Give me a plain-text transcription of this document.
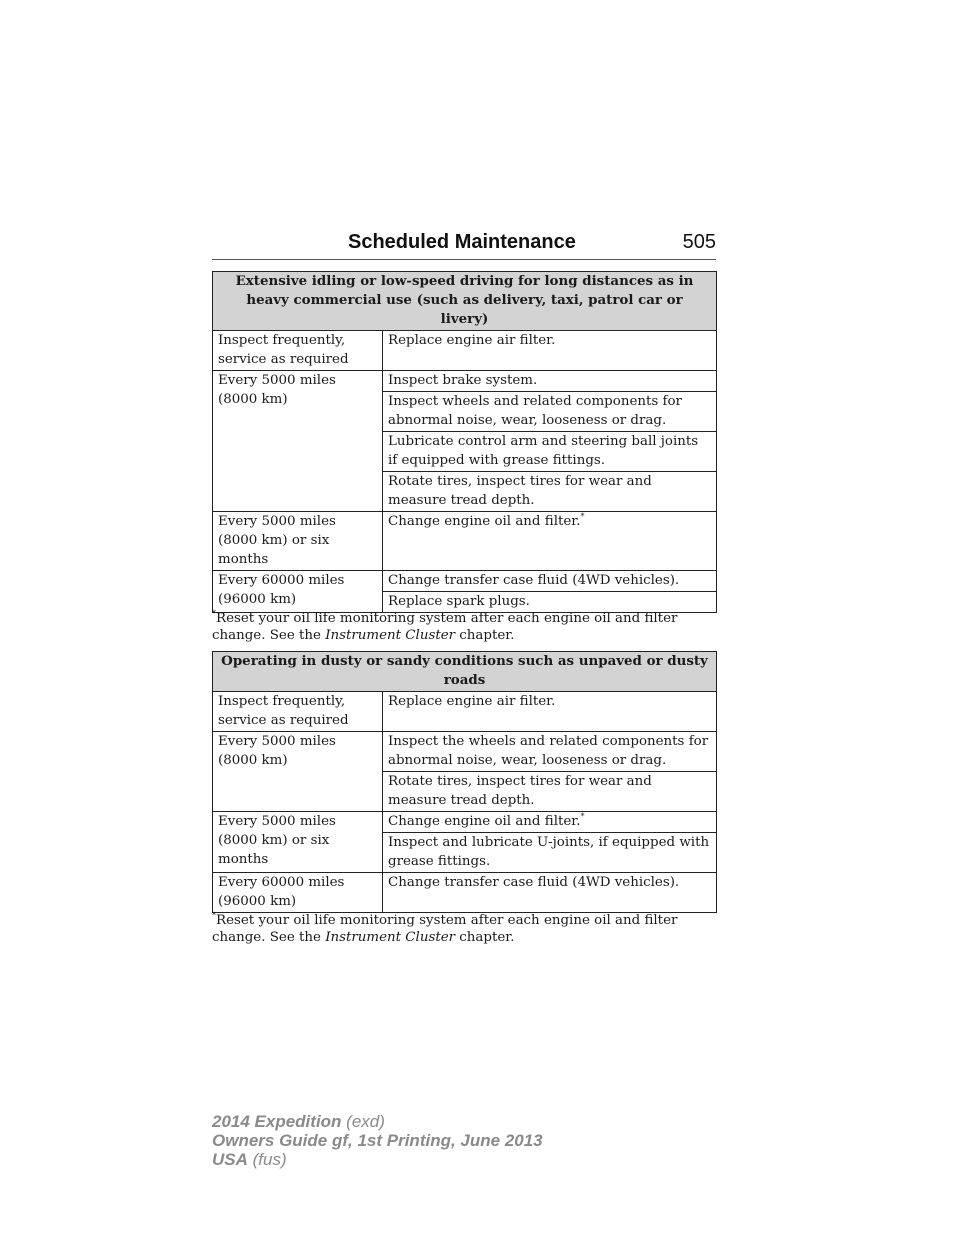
Scheduled Maintenance	505
Extensive idling or low-speed driving for long distances as in heavy commercial use (such as delivery, taxi, patrol car or livery)	
Inspect frequently, service as required	Replace engine air filter.
Every 5000 miles (8000 km)	Inspect brake system.
	Inspect wheels and related components for abnormal noise, wear, looseness or drag.
	Lubricate control arm and steering ball joints if equipped with grease fittings.
	Rotate tires, inspect tires for wear and measure tread depth.
Every 5000 miles (8000 km) or six months	Change engine oil and filter.*
Every 60000 miles (96000 km)	Change transfer case fluid (4WD vehicles).
	Replace spark plugs.
*Reset your oil life monitoring system after each engine oil and filter change. See the Instrument Cluster chapter.
Operating in dusty or sandy conditions such as unpaved or dusty roads	
Inspect frequently, service as required	Replace engine air filter.
Every 5000 miles (8000 km)	Inspect the wheels and related components for abnormal noise, wear, looseness or drag.
	Rotate tires, inspect tires for wear and measure tread depth.
Every 5000 miles (8000 km) or six months	Change engine oil and filter.*
	Inspect and lubricate U-joints, if equipped with grease fittings.
Every 60000 miles (96000 km)	Change transfer case fluid (4WD vehicles).
*Reset your oil life monitoring system after each engine oil and filter change. See the Instrument Cluster chapter.
2014 Expedition (exd)
Owners Guide gf, 1st Printing, June 2013
USA (fus)
